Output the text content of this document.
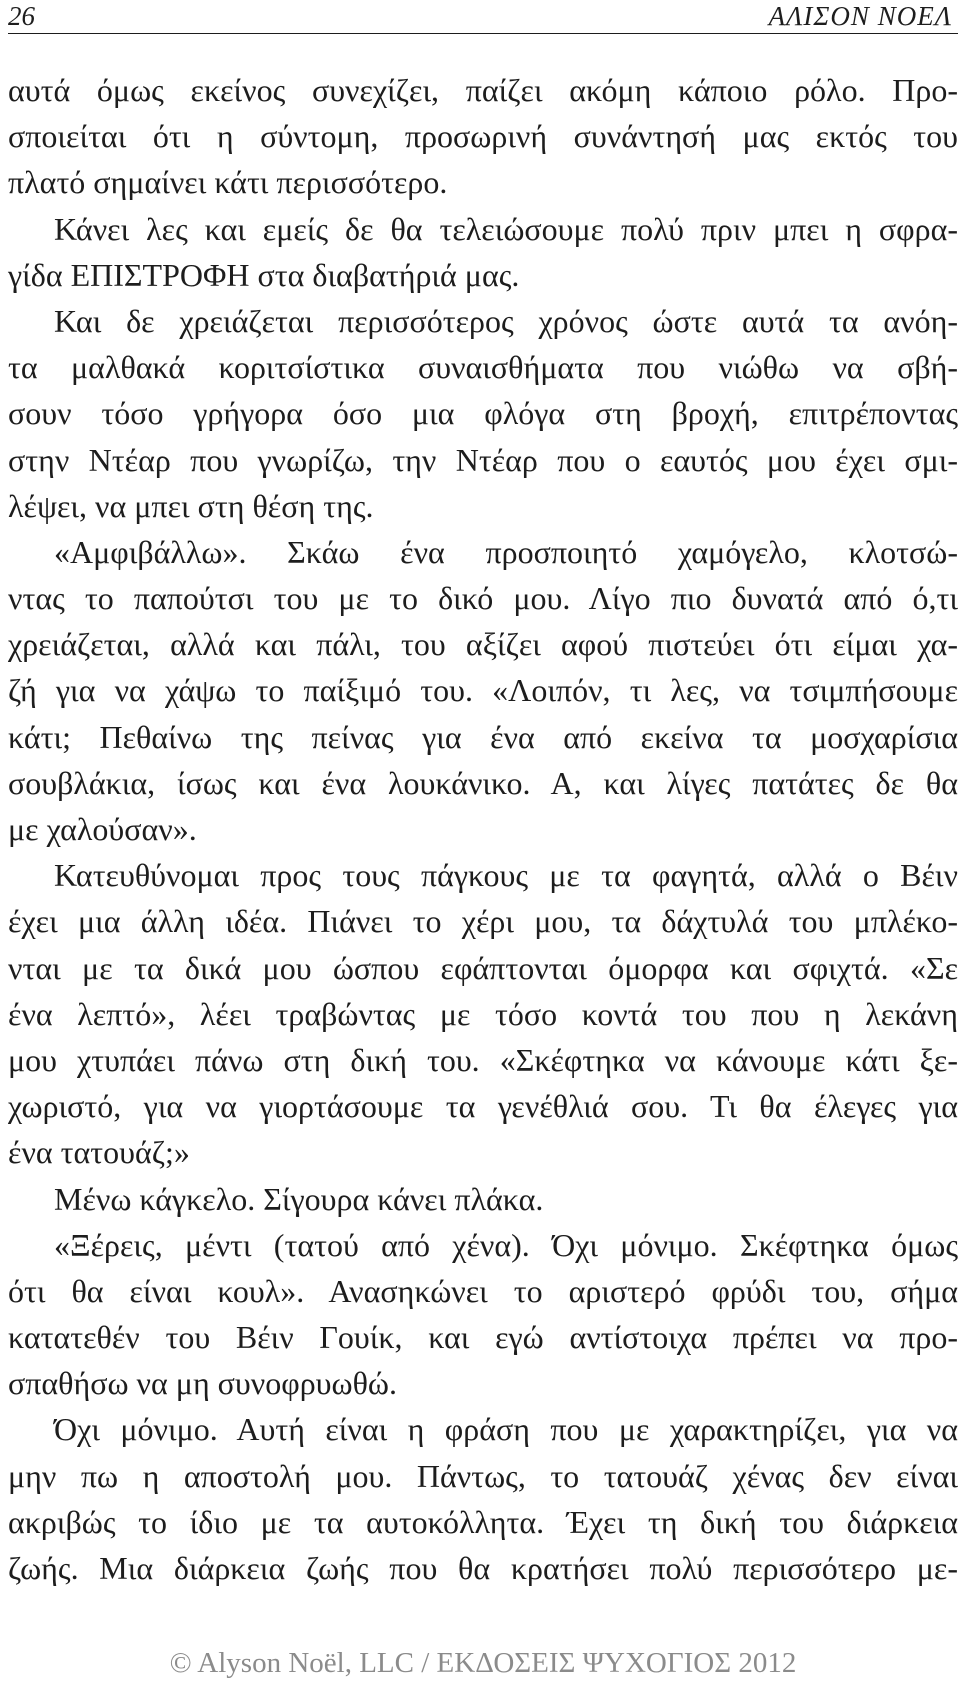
26	ΑΛΙΣΟΝ ΝΟΕΛ
αυτά όμως εκείνος συνεχίζει, παίζει ακόμη κάποιο ρόλο. Προ-
σποιείται ότι η σύντομη, προσωρινή συνάντησή μας εκτός του
πλατό σημαίνει κάτι περισσότερο.
Κάνει λες και εμείς δε θα τελειώσουμε πολύ πριν μπει η σφρα-
γίδα ΕΠΙΣΤΡΟΦΗ στα διαβατήριά μας.
Και δε χρειάζεται περισσότερος χρόνος ώστε αυτά τα ανόη-
τα μαλθακά κοριτσίστικα συναισθήματα που νιώθω να σβή-
σουν τόσο γρήγορα όσο μια φλόγα στη βροχή, επιτρέποντας
στην Ντέαρ που γνωρίζω, την Ντέαρ που ο εαυτός μου έχει σμι-
λέψει, να μπει στη θέση της.
«Αμφιβάλλω». Σκάω ένα προσποιητό χαμόγελο, κλοτσώ-
ντας το παπούτσι του με το δικό μου. Λίγο πιο δυνατά από ό,τι
χρειάζεται, αλλά και πάλι, του αξίζει αφού πιστεύει ότι είμαι χα-
ζή για να χάψω το παίξιμό του. «Λοιπόν, τι λες, να τσιμπήσουμε
κάτι; Πεθαίνω της πείνας για ένα από εκείνα τα μοσχαρίσια
σουβλάκια, ίσως και ένα λουκάνικο. Α, και λίγες πατάτες δε θα
με χαλούσαν».
Κατευθύνομαι προς τους πάγκους με τα φαγητά, αλλά ο Βέιν
έχει μια άλλη ιδέα. Πιάνει το χέρι μου, τα δάχτυλά του μπλέκο-
νται με τα δικά μου ώσπου εφάπτονται όμορφα και σφιχτά. «Σε
ένα λεπτό», λέει τραβώντας με τόσο κοντά του που η λεκάνη
μου χτυπάει πάνω στη δική του. «Σκέφτηκα να κάνουμε κάτι ξε-
χωριστό, για να γιορτάσουμε τα γενέθλιά σου. Τι θα έλεγες για
ένα τατουάζ;»
Μένω κάγκελο. Σίγουρα κάνει πλάκα.
«Ξέρεις, μέντι (τατού από χένα). Όχι μόνιμο. Σκέφτηκα όμως
ότι θα είναι κουλ». Ανασηκώνει το αριστερό φρύδι του, σήμα
κατατεθέν του Βέιν Γουίκ, και εγώ αντίστοιχα πρέπει να προ-
σπαθήσω να μη συνοφρυωθώ.
Όχι μόνιμο. Αυτή είναι η φράση που με χαρακτηρίζει, για να
μην πω η αποστολή μου. Πάντως, το τατουάζ χένας δεν είναι
ακριβώς το ίδιο με τα αυτοκόλλητα. Έχει τη δική του διάρκεια
ζωής. Μια διάρκεια ζωής που θα κρατήσει πολύ περισσότερο με-
© Alyson Noël, LLC / ΕΚΔΟΣΕΙΣ ΨΥΧΟΓΙΟΣ 2012
